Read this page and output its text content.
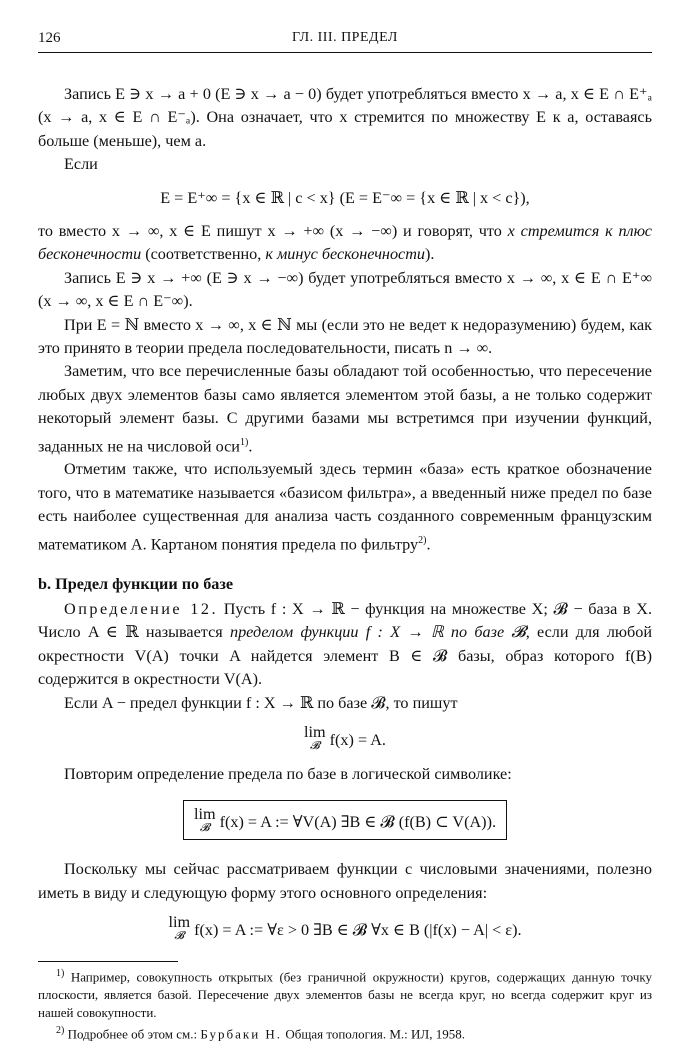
126	ГЛ. III. ПРЕДЕЛ

Запись E ∋ x → a + 0 (E ∋ x → a − 0) будет употребляться вместо x → a, x ∈ E ∩ E⁺ₐ (x → a, x ∈ E ∩ E⁻ₐ). Она означает, что x стремится по множеству E к a, оставаясь больше (меньше), чем a.

Если

E = E⁺∞ = {x ∈ ℝ | c < x} (E = E⁻∞ = {x ∈ ℝ | x < c}),

то вместо x → ∞, x ∈ E пишут x → +∞ (x → −∞) и говорят, что x стремится к плюс бесконечности (соответственно, к минус бесконечности).

Запись E ∋ x → +∞ (E ∋ x → −∞) будет употребляться вместо x → ∞, x ∈ E ∩ E⁺∞ (x → ∞, x ∈ E ∩ E⁻∞).

При E = ℕ вместо x → ∞, x ∈ ℕ мы (если это не ведет к недоразумению) будем, как это принято в теории предела последовательности, писать n → ∞.

Заметим, что все перечисленные базы обладают той особенностью, что пересечение любых двух элементов базы само является элементом этой базы, а не только содержит некоторый элемент базы. С другими базами мы встретимся при изучении функций, заданных не на числовой оси$^{1)}$.

Отметим также, что используемый здесь термин «база» есть краткое обозначение того, что в математике называется «базисом фильтра», а введенный ниже предел по базе есть наиболее существенная для анализа часть созданного современным французским математиком А. Картаном понятия предела по фильтру$^{2)}$.

b. Предел функции по базе

Определение 12. Пусть f : X → ℝ − функция на множестве X; 𝓑 − база в X. Число A ∈ ℝ называется пределом функции f : X → ℝ по базе 𝓑, если для любой окрестности V(A) точки A найдется элемент B ∈ 𝓑 базы, образ которого f(B) содержится в окрестности V(A).

Если A − предел функции f : X → ℝ по базе 𝓑, то пишут

lim
𝓑 f(x) = A.

Повторим определение предела по базе в логической символике:

lim
𝓑 f(x) = A := ∀V(A) ∃B ∈ 𝓑 (f(B) ⊂ V(A)).

Поскольку мы сейчас рассматриваем функции с числовыми значениями, полезно иметь в виду и следующую форму этого основного определения:

lim
𝓑 f(x) = A := ∀ε > 0 ∃B ∈ 𝓑 ∀x ∈ B (|f(x) − A| < ε).

$^{1)}$ Например, совокупность открытых (без граничной окружности) кругов, содержащих данную точку плоскости, является базой. Пересечение двух элементов базы не всегда круг, но всегда содержит круг из нашей совокупности.

$^{2)}$ Подробнее об этом см.: Бурбаки Н. Общая топология. М.: ИЛ, 1958.
